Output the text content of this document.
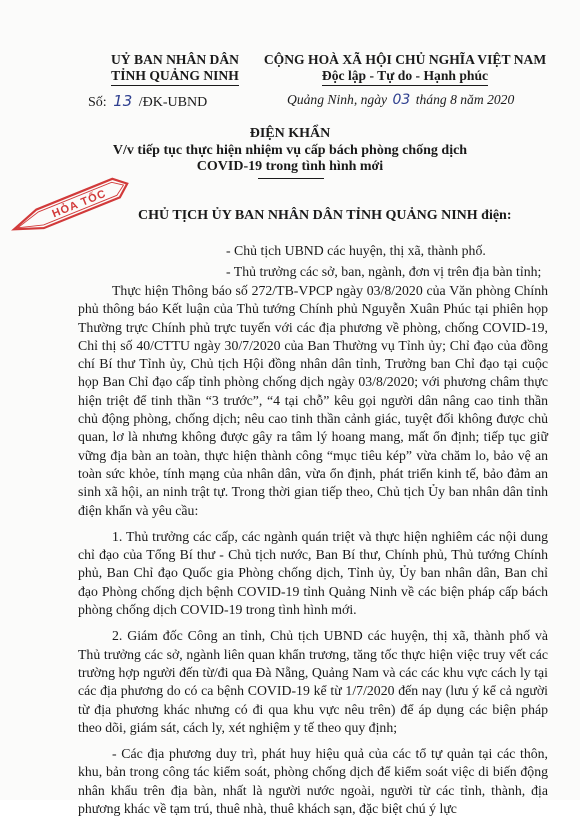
UỶ BAN NHÂN DÂN
TỈNH QUẢNG NINH
CỘNG HOÀ XÃ HỘI CHỦ NGHĨA VIỆT NAM
Độc lập - Tự do - Hạnh phúc
Số: 13 /ĐK-UBND	Quảng Ninh, ngày 03 tháng 8 năm 2020
ĐIỆN KHẨN
V/v tiếp tục thực hiện nhiệm vụ cấp bách phòng chống dịch
COVID-19 trong tình hình mới
HỎA TỐC CHỦ TỊCH ỦY BAN NHÂN DÂN TỈNH QUẢNG NINH điện:
- Chủ tịch UBND các huyện, thị xã, thành phố.
- Thủ trưởng các sở, ban, ngành, đơn vị trên địa bàn tỉnh;

Thực hiện Thông báo số 272/TB-VPCP ngày 03/8/2020 của Văn phòng Chính phủ thông báo Kết luận của Thủ tướng Chính phủ Nguyễn Xuân Phúc tại phiên họp Thường trực Chính phủ trực tuyến với các địa phương về phòng, chống COVID-19, Chỉ thị số 40/CTTU ngày 30/7/2020 của Ban Thường vụ Tỉnh ủy; Chỉ đạo của đồng chí Bí thư Tỉnh ủy, Chủ tịch Hội đồng nhân dân tỉnh, Trưởng ban Chỉ đạo tại cuộc họp Ban Chỉ đạo cấp tỉnh phòng chống dịch ngày 03/8/2020; với phương châm thực hiện triệt để tinh thần “3 trước”, “4 tại chỗ” kêu gọi người dân nâng cao tinh thần chủ động phòng, chống dịch; nêu cao tinh thần cảnh giác, tuyệt đối không được chủ quan, lơ là nhưng không được gây ra tâm lý hoang mang, mất ổn định; tiếp tục giữ vững địa bàn an toàn, thực hiện thành công “mục tiêu kép” vừa chăm lo, bảo vệ an toàn sức khỏe, tính mạng của nhân dân, vừa ổn định, phát triển kinh tế, bảo đảm an sinh xã hội, an ninh trật tự. Trong thời gian tiếp theo, Chủ tịch Ủy ban nhân dân tỉnh điện khẩn và yêu cầu:

1. Thủ trưởng các cấp, các ngành quán triệt và thực hiện nghiêm các nội dung chỉ đạo của Tổng Bí thư - Chủ tịch nước, Ban Bí thư, Chính phủ, Thủ tướng Chính phủ, Ban Chỉ đạo Quốc gia Phòng chống dịch, Tỉnh ủy, Ủy ban nhân dân, Ban chỉ đạo Phòng chống dịch bệnh COVID-19 tỉnh Quảng Ninh về các biện pháp cấp bách phòng chống dịch COVID-19 trong tình hình mới.

2. Giám đốc Công an tỉnh, Chủ tịch UBND các huyện, thị xã, thành phố và Thủ trưởng các sở, ngành liên quan khẩn trương, tăng tốc thực hiện việc truy vết các trường hợp người đến từ/đi qua Đà Nẵng, Quảng Nam và các các khu vực cách ly tại các địa phương do có ca bệnh COVID-19 kể từ 1/7/2020 đến nay (lưu ý kể cả người từ địa phương khác nhưng có đi qua khu vực nêu trên) để áp dụng các biện pháp theo dõi, giám sát, cách ly, xét nghiệm y tế theo quy định;

- Các địa phương duy trì, phát huy hiệu quả của các tổ tự quản tại các thôn, khu, bản trong công tác kiểm soát, phòng chống dịch để kiểm soát việc di biến động nhân khẩu trên địa bàn, nhất là người nước ngoài, người từ các tỉnh, thành, địa phương khác về tạm trú, thuê nhà, thuê khách sạn, đặc biệt chú ý lực
